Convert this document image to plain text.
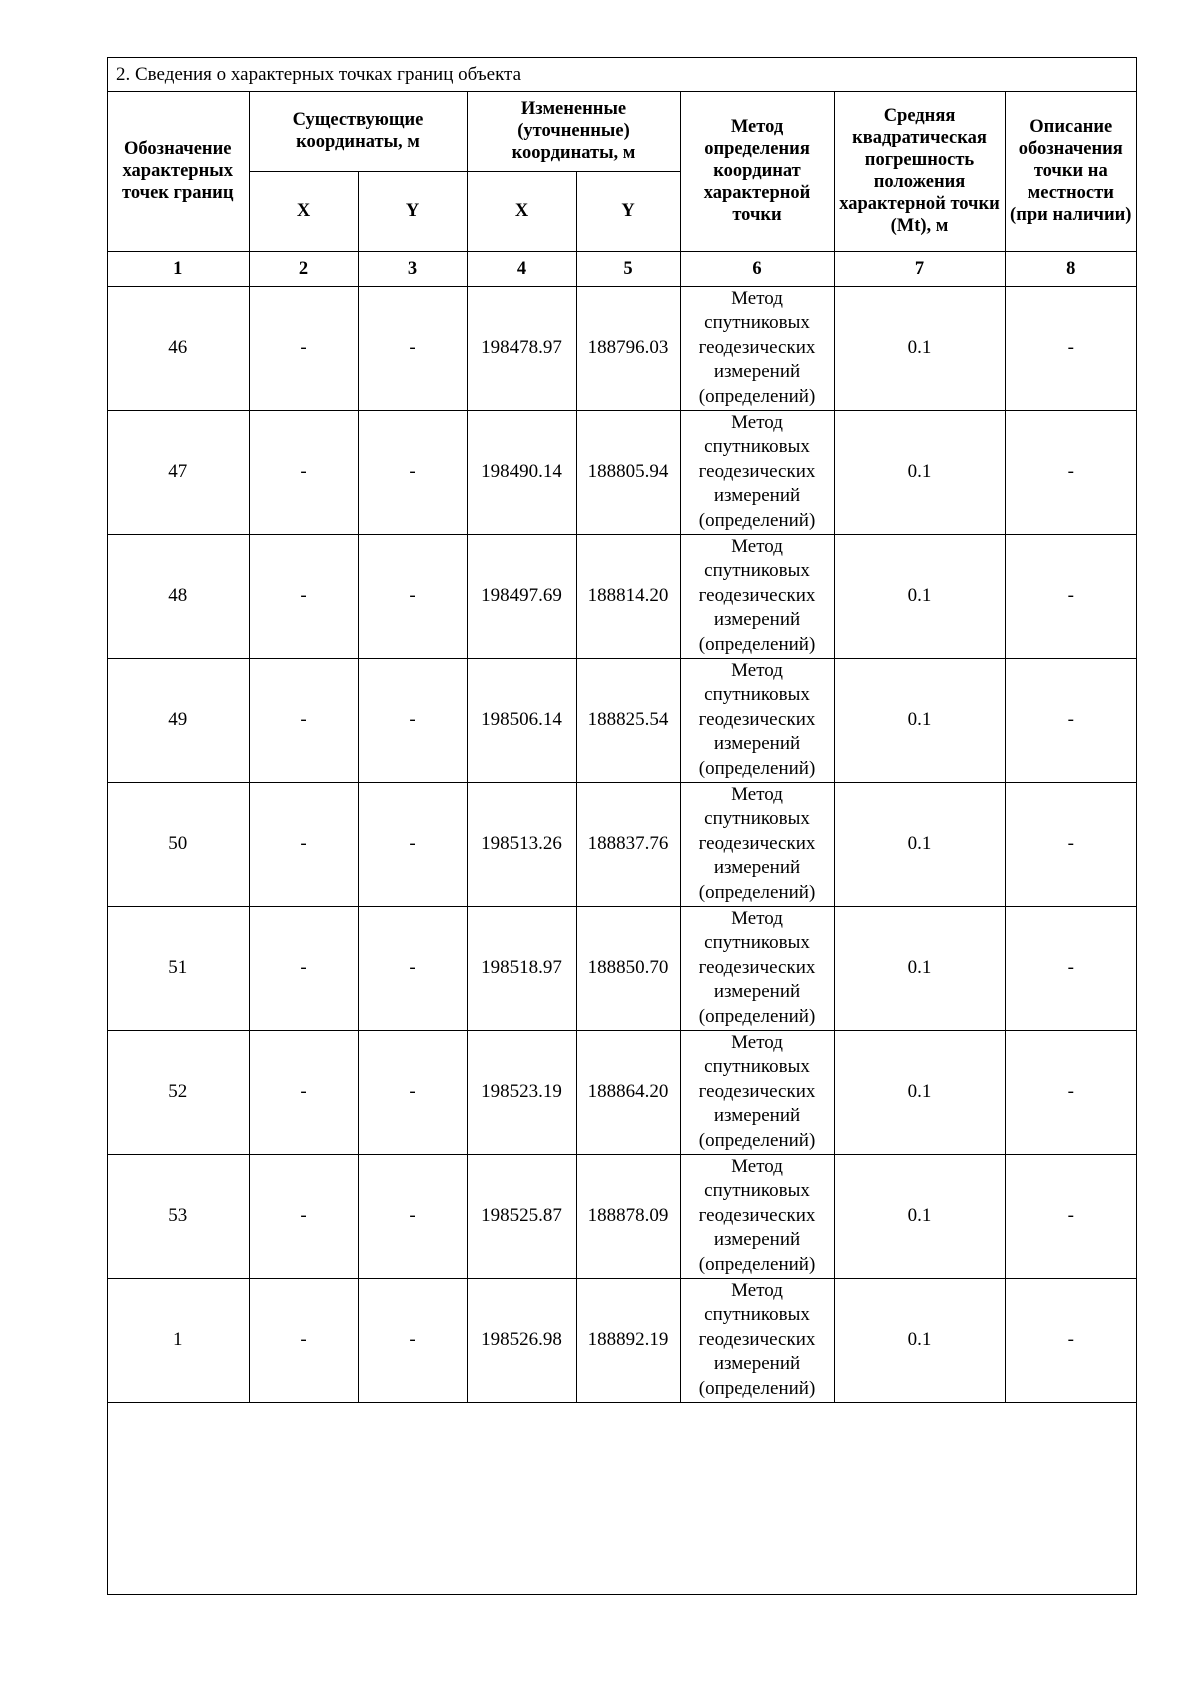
2. Сведения о характерных точках границ объекта
Обозначение характерных точек границ	Существующие координаты, м		Измененные (уточненные) координаты, м		Метод определения координат характерной точки	Средняя квадратическая погрешность положения характерной точки (Mt), м	Описание обозначения точки на местности (при наличии)
	X	Y	X	Y			
1	2	3	4	5	6	7	8
46	-	-	198478.97	188796.03	Метод спутниковых геодезических измерений (определений)	0.1	-
47	-	-	198490.14	188805.94	Метод спутниковых геодезических измерений (определений)	0.1	-
48	-	-	198497.69	188814.20	Метод спутниковых геодезических измерений (определений)	0.1	-
49	-	-	198506.14	188825.54	Метод спутниковых геодезических измерений (определений)	0.1	-
50	-	-	198513.26	188837.76	Метод спутниковых геодезических измерений (определений)	0.1	-
51	-	-	198518.97	188850.70	Метод спутниковых геодезических измерений (определений)	0.1	-
52	-	-	198523.19	188864.20	Метод спутниковых геодезических измерений (определений)	0.1	-
53	-	-	198525.87	188878.09	Метод спутниковых геодезических измерений (определений)	0.1	-
1	-	-	198526.98	188892.19	Метод спутниковых геодезических измерений (определений)	0.1	-
